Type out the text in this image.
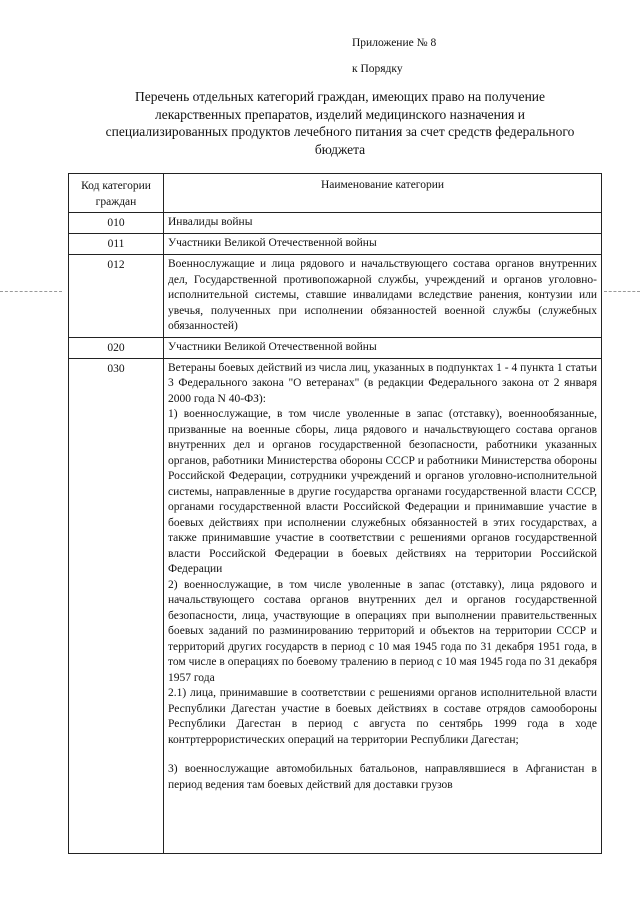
Приложение № 8
к Порядку
Перечень отдельных категорий граждан, имеющих право на получение лекарственных препаратов, изделий медицинского назначения и специализированных продуктов лечебного питания за счет средств федерального бюджета
Код категории граждан	Наименование категории
010	Инвалиды войны
011	Участники Великой Отечественной войны
012	Военнослужащие и лица рядового и начальствующего состава органов внутренних дел, Государственной противопожарной службы, учреждений и органов уголовно-исполнительной системы, ставшие инвалидами вследствие ранения, контузии или увечья, полученных при исполнении обязанностей военной службы (служебных обязанностей)
020	Участники Великой Отечественной войны
030	Ветераны боевых действий из числа лиц, указанных в подпунктах 1 - 4 пункта 1 статьи 3 Федерального закона "О ветеранах" (в редакции Федерального закона от 2 января 2000 года N 40-ФЗ):

1) военнослужащие, в том числе уволенные в запас (отставку), военнообязанные, призванные на военные сборы, лица рядового и начальствующего состава органов внутренних дел и органов государственной безопасности, работники указанных органов, работники Министерства обороны СССР и работники Министерства обороны Российской Федерации, сотрудники учреждений и органов уголовно-исполнительной системы, направленные в другие государства органами государственной власти СССР, органами государственной власти Российской Федерации и принимавшие участие в боевых действиях при исполнении служебных обязанностей в этих государствах, а также принимавшие участие в соответствии с решениями органов государственной власти Российской Федерации в боевых действиях на территории Российской Федерации

2) военнослужащие, в том числе уволенные в запас (отставку), лица рядового и начальствующего состава органов внутренних дел и органов государственной безопасности, лица, участвующие в операциях при выполнении правительственных боевых заданий по разминированию территорий и объектов на территории СССР и территорий других государств в период с 10 мая 1945 года по 31 декабря 1951 года, в том числе в операциях по боевому тралению в период с 10 мая 1945 года по 31 декабря 1957 года

2.1) лица, принимавшие в соответствии с решениями органов исполнительной власти Республики Дагестан участие в боевых действиях в составе отрядов самообороны Республики Дагестан в период с августа по сентябрь 1999 года в ходе контртеррористических операций на территории Республики Дагестан;

3) военнослужащие автомобильных батальонов, направлявшиеся в Афганистан в период ведения там боевых действий для доставки грузов
